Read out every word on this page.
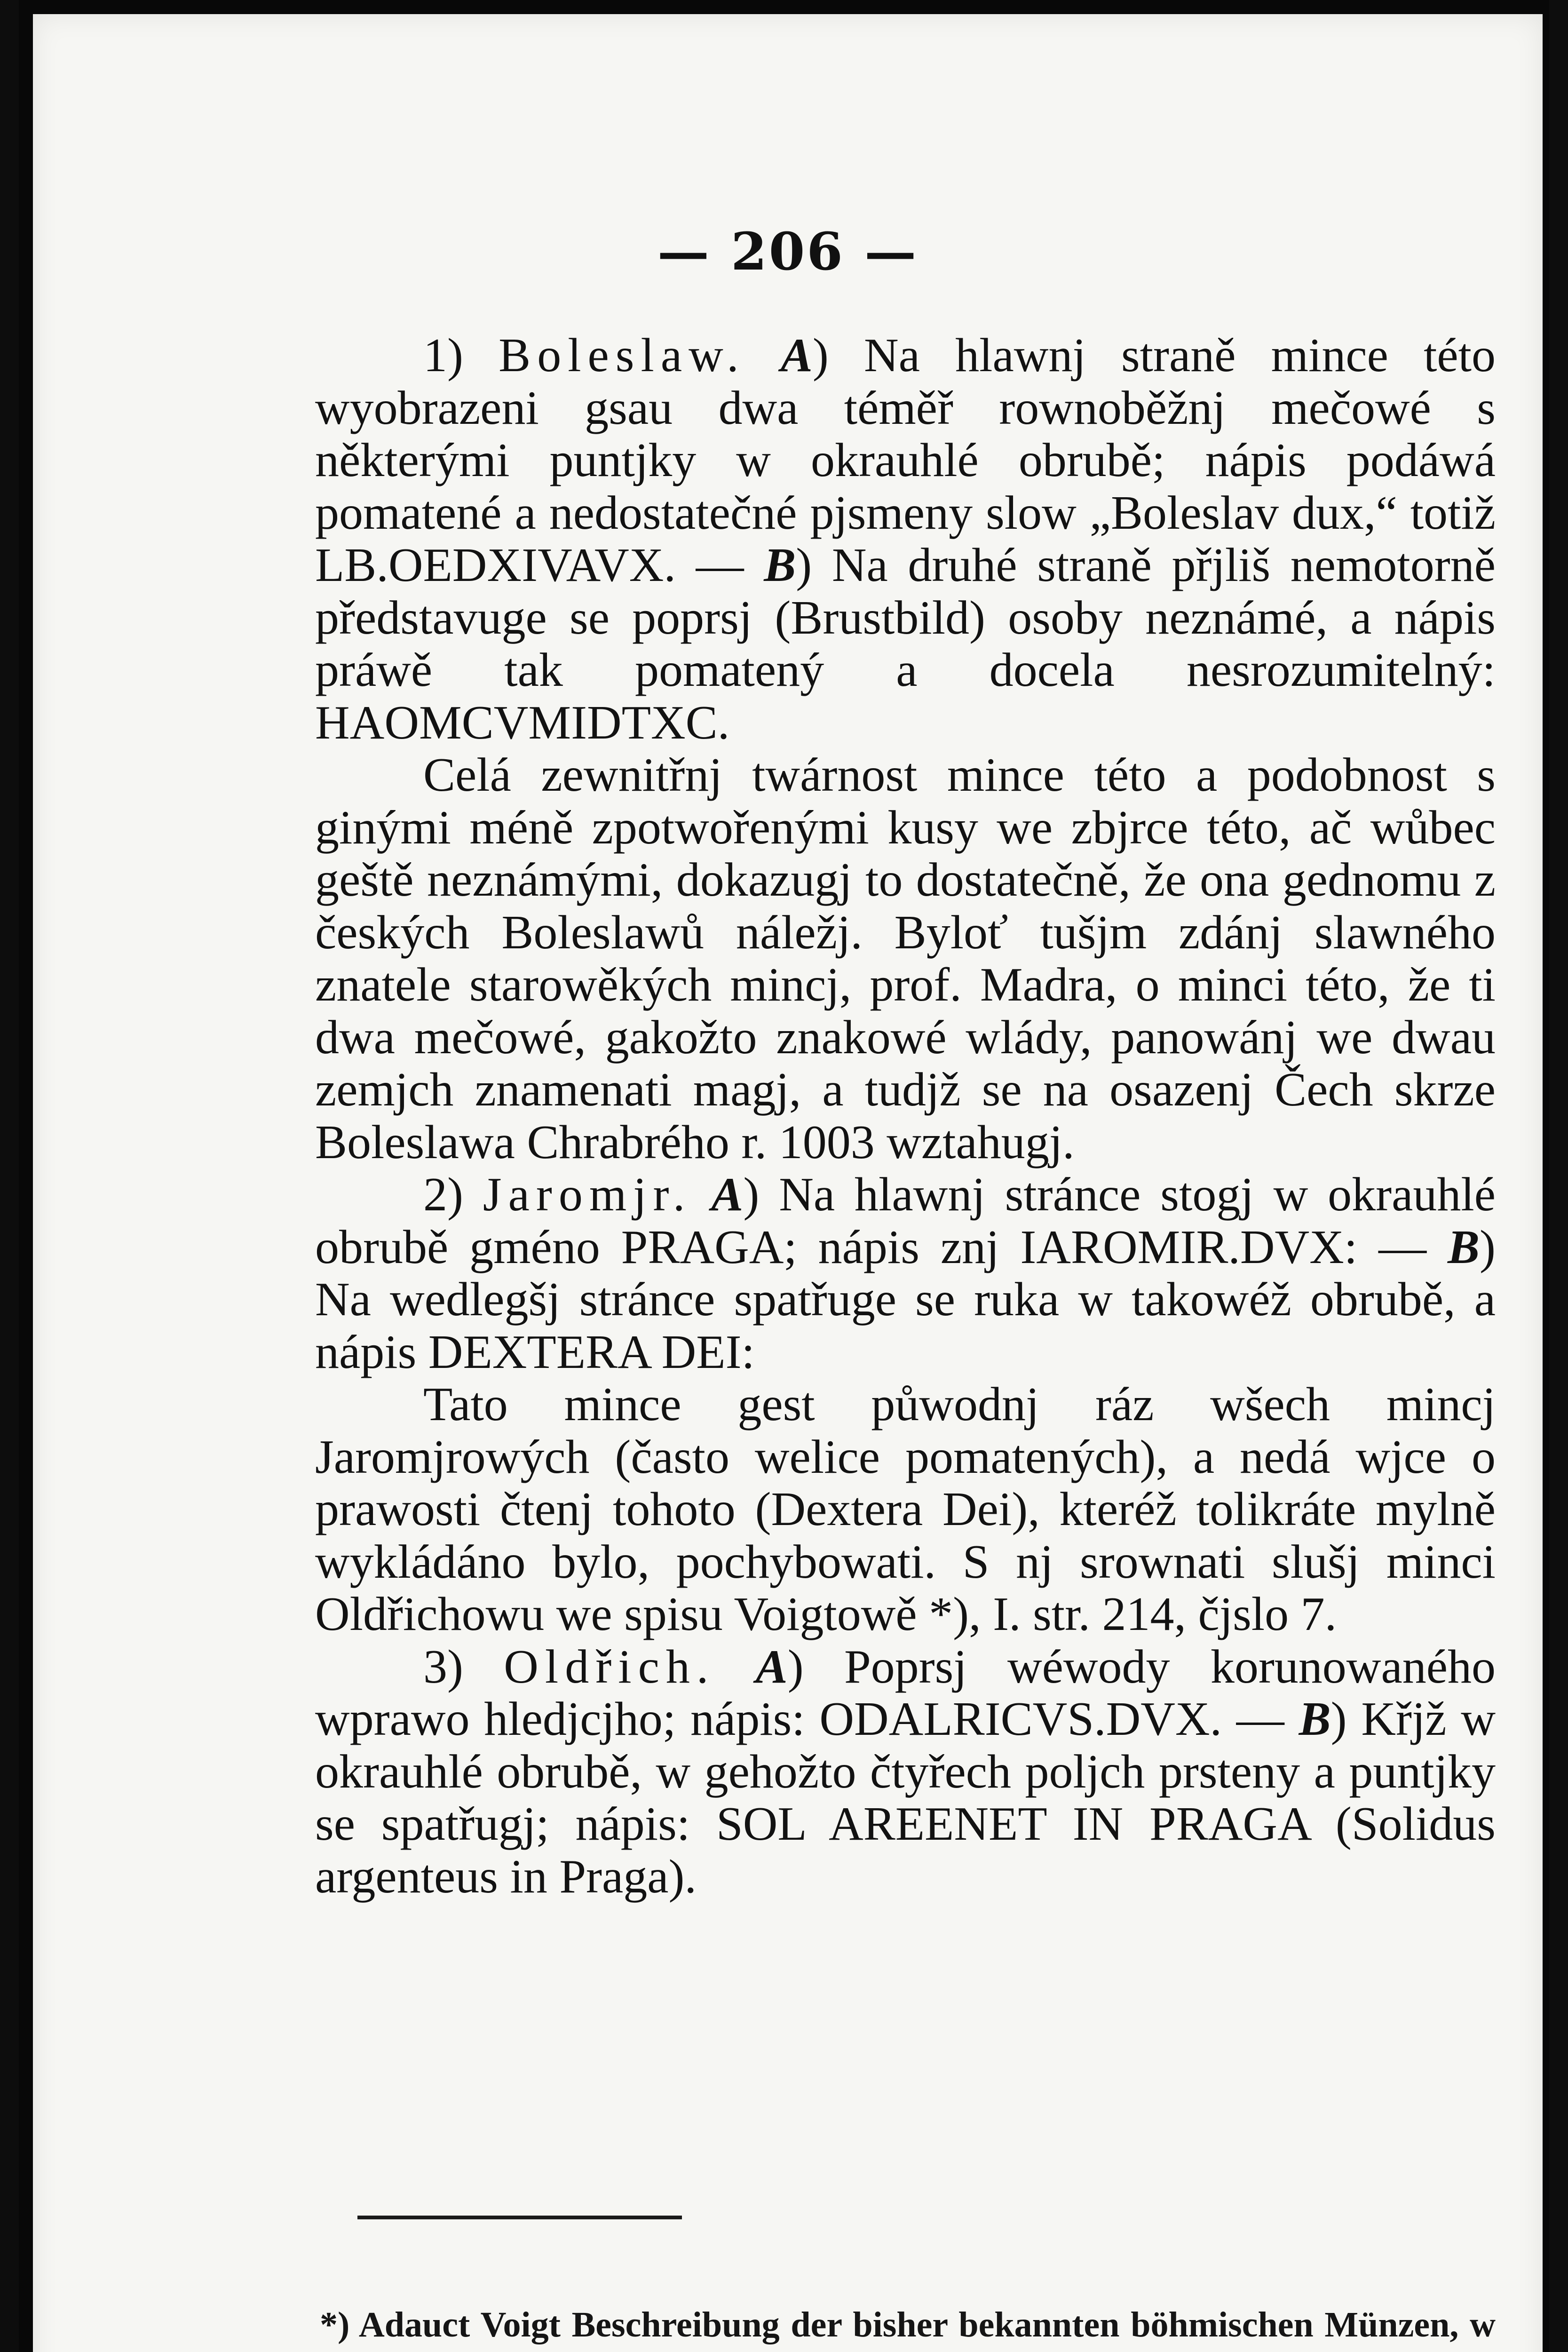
— 206 —

1) Boleslaw. A) Na hlawnj straně mince této wyobrazeni gsau dwa téměř rownoběžnj mečowé s některými puntjky w okrauhlé obrubě; nápis podáwá pomatené a nedostatečné pjsmeny slow „Boleslav dux,“ totiž LB.OEDXIVAVX. — B) Na druhé straně přjliš nemotorně představuge se poprsj (Brustbild) osoby neznámé, a nápis práwě tak pomatený a docela nesrozumitelný: HAOMCVMIDTXC.

Celá zewnitřnj twárnost mince této a podobnost s ginými méně zpotwořenými kusy we zbjrce této, ač wůbec geště neznámými, dokazugj to dostatečně, že ona gednomu z českých Boleslawů náležj. Byloť tušjm zdánj slawného znatele starowěkých mincj, prof. Madra, o minci této, že ti dwa mečowé, gakožto znakowé wlády, panowánj we dwau zemjch znamenati magj, a tudjž se na osazenj Čech skrze Boleslawa Chrabrého r. 1003 wztahugj.

2) Jaromjr. A) Na hlawnj stránce stogj w okrauhlé obrubě gméno PRAGA; nápis znj IAROMIR.DVX: — B) Na wedlegšj stránce spatřuge se ruka w takowéž obrubě, a nápis DEXTERA DEI:

Tato mince gest půwodnj ráz wšech mincj Jaromjrowých (často welice pomatených), a nedá wjce o prawosti čtenj tohoto (Dextera Dei), kteréž tolikráte mylně wykládáno bylo, pochybowati. S nj srownati slušj minci Oldřichowu we spisu Voigtowě *), I. str. 214, čjslo 7.

3) Oldřich. A) Poprsj wéwody korunowaného wprawo hledjcjho; nápis: ODALRICVS.DVX. — B) Křjž w okrauhlé obrubě, w gehožto čtyřech poljch prsteny a puntjky se spatřugj; nápis: SOL AREENET IN PRAGA (Solidus argenteus in Praga).

*) Adauct Voigt Beschreibung der bisher bekannten böhmischen Münzen, w
